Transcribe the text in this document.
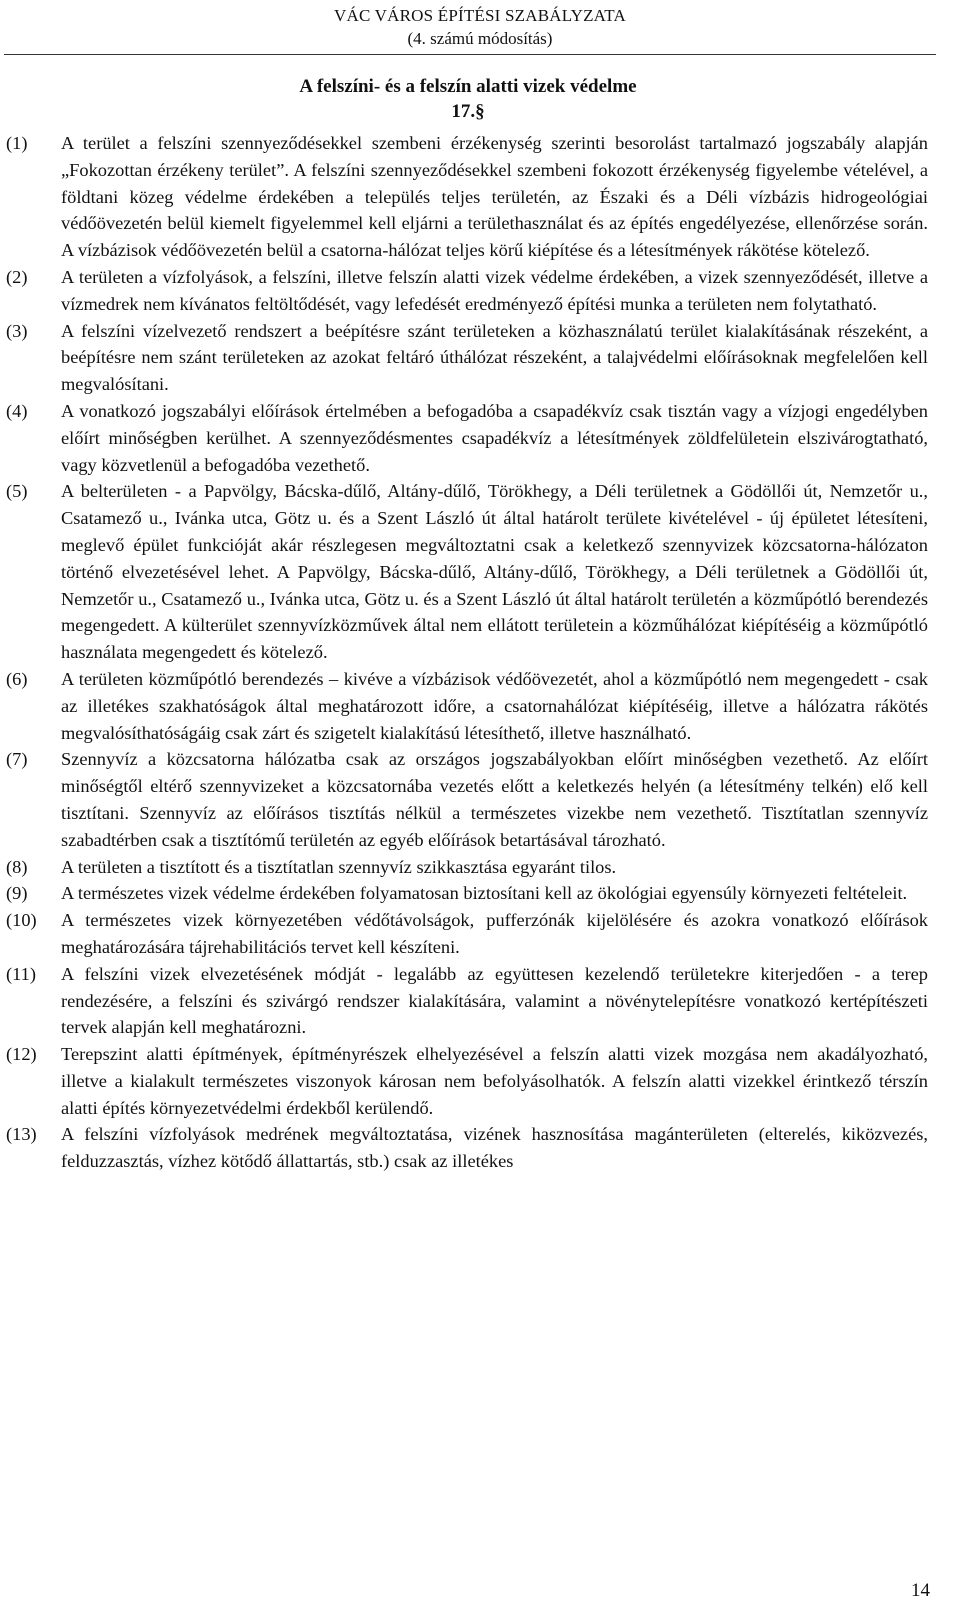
VÁC VÁROS ÉPÍTÉSI SZABÁLYZATA
(4. számú módosítás)
A felszíni- és a felszín alatti vizek védelme
17.§
(1)	A terület a felszíni szennyeződésekkel szembeni érzékenység szerinti besorolást tartalmazó jogszabály alapján „Fokozottan érzékeny terület”. A felszíni szennyeződésekkel szembeni fokozott érzékenység figyelembe vételével, a földtani közeg védelme érdekében a település teljes területén, az Északi és a Déli vízbázis hidrogeológiai védőövezetén belül kiemelt figyelemmel kell eljárni a területhasználat és az építés engedélyezése, ellenőrzése során. A vízbázisok védőövezetén belül a csatorna-hálózat teljes körű kiépítése és a létesítmények rákötése kötelező.
(2)	A területen a vízfolyások, a felszíni, illetve felszín alatti vizek védelme érdekében, a vizek szennyeződését, illetve a vízmedrek nem kívánatos feltöltődését, vagy lefedését eredményező építési munka a területen nem folytatható.
(3)	A felszíni vízelvezető rendszert a beépítésre szánt területeken a közhasználatú terület kialakításának részeként, a beépítésre nem szánt területeken az azokat feltáró úthálózat részeként, a talajvédelmi előírásoknak megfelelően kell megvalósítani.
(4)	A vonatkozó jogszabályi előírások értelmében a befogadóba a csapadékvíz csak tisztán vagy a vízjogi engedélyben előírt minőségben kerülhet. A szennyeződésmentes csapadékvíz a létesítmények zöldfelületein elszivárogtatható, vagy közvetlenül a befogadóba vezethető.
(5)	A belterületen - a Papvölgy, Bácska-dűlő, Altány-dűlő, Törökhegy, a Déli területnek a Gödöllői út, Nemzetőr u., Csatamező u., Ivánka utca, Götz u. és a Szent László út által határolt területe kivételével - új épületet létesíteni, meglevő épület funkcióját akár részlegesen megváltoztatni csak a keletkező szennyvizek közcsatorna-hálózaton történő elvezetésével lehet. A Papvölgy, Bácska-dűlő, Altány-dűlő, Törökhegy, a Déli területnek a Gödöllői út, Nemzetőr u., Csatamező u., Ivánka utca, Götz u. és a Szent László út által határolt területén a közműpótló berendezés megengedett. A külterület szennyvízközművek által nem ellátott területein a közműhálózat kiépítéséig a közműpótló használata megengedett és kötelező.
(6)	A területen közműpótló berendezés – kivéve a vízbázisok védőövezetét, ahol a közműpótló nem megengedett - csak az illetékes szakhatóságok által meghatározott időre, a csatornahálózat kiépítéséig, illetve a hálózatra rákötés megvalósíthatóságáig csak zárt és szigetelt kialakítású létesíthető, illetve használható.
(7)	Szennyvíz a közcsatorna hálózatba csak az országos jogszabályokban előírt minőségben vezethető. Az előírt minőségtől eltérő szennyvizeket a közcsatornába vezetés előtt a keletkezés helyén (a létesítmény telkén) elő kell tisztítani. Szennyvíz az előírásos tisztítás nélkül a természetes vizekbe nem vezethető. Tisztítatlan szennyvíz szabadtérben csak a tisztítómű területén az egyéb előírások betartásával tározható.
(8)	A területen a tisztított és a tisztítatlan szennyvíz szikkasztása egyaránt tilos.
(9)	A természetes vizek védelme érdekében folyamatosan biztosítani kell az ökológiai egyensúly környezeti feltételeit.
(10)	A természetes vizek környezetében védőtávolságok, pufferzónák kijelölésére és azokra vonatkozó előírások meghatározására tájrehabilitációs tervet kell készíteni.
(11)	A felszíni vizek elvezetésének módját - legalább az együttesen kezelendő területekre kiterjedően - a terep rendezésére, a felszíni és szivárgó rendszer kialakítására, valamint a növénytelepítésre vonatkozó kertépítészeti tervek alapján kell meghatározni.
(12)	Terepszint alatti építmények, építményrészek elhelyezésével a felszín alatti vizek mozgása nem akadályozható, illetve a kialakult természetes viszonyok károsan nem befolyásolhatók. A felszín alatti vizekkel érintkező térszín alatti építés környezetvédelmi érdekből kerülendő.
(13)	A felszíni vízfolyások medrének megváltoztatása, vizének hasznosítása magánterületen (elterelés, kiközvezés, felduzzasztás, vízhez kötődő állattartás, stb.) csak az illetékes
14
